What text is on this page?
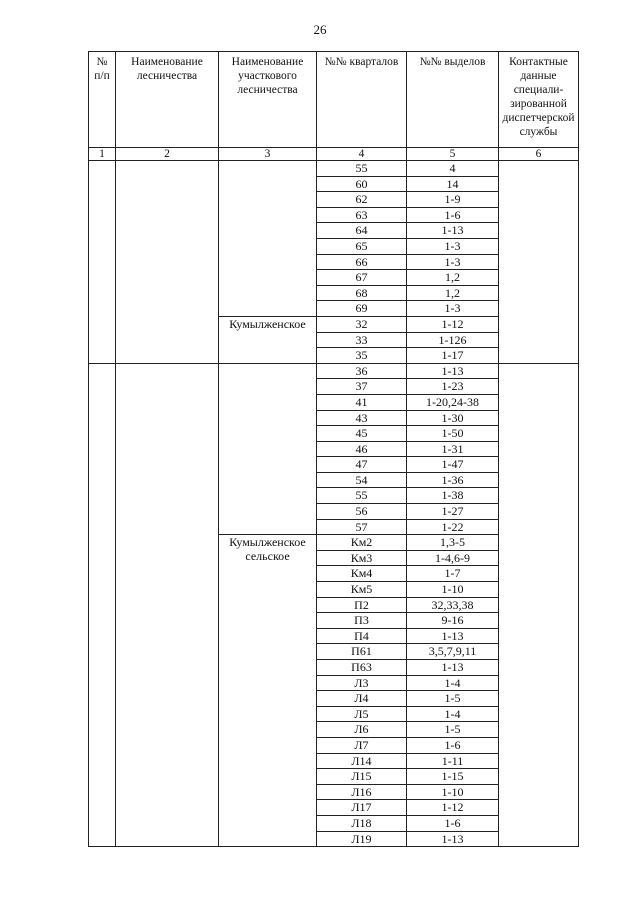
26
№ п/п	Наименование лесничества	Наименование участкового лесничества	№№ кварталов	№№ выделов	Контактные данные специали-зированной диспетчерской службы
1	2	3	4	5	6
			55	4	
			60	14	
			62	1-9	
			63	1-6	
			64	1-13	
			65	1-3	
			66	1-3	
			67	1,2	
			68	1,2	
			69	1-3	
		Кумылженское	32	1-12	
			33	1-126	
			35	1-17	
			36	1-13	
			37	1-23	
			41	1-20,24-38	
			43	1-30	
			45	1-50	
			46	1-31	
			47	1-47	
			54	1-36	
			55	1-38	
			56	1-27	
			57	1-22	
		Кумылженское сельское	Км2	1,3-5	
			Км3	1-4,6-9	
			Км4	1-7	
			Км5	1-10	
			П2	32,33,38	
			П3	9-16	
			П4	1-13	
			П61	3,5,7,9,11	
			П63	1-13	
			Л3	1-4	
			Л4	1-5	
			Л5	1-4	
			Л6	1-5	
			Л7	1-6	
			Л14	1-11	
			Л15	1-15	
			Л16	1-10	
			Л17	1-12	
			Л18	1-6	
			Л19	1-13	
